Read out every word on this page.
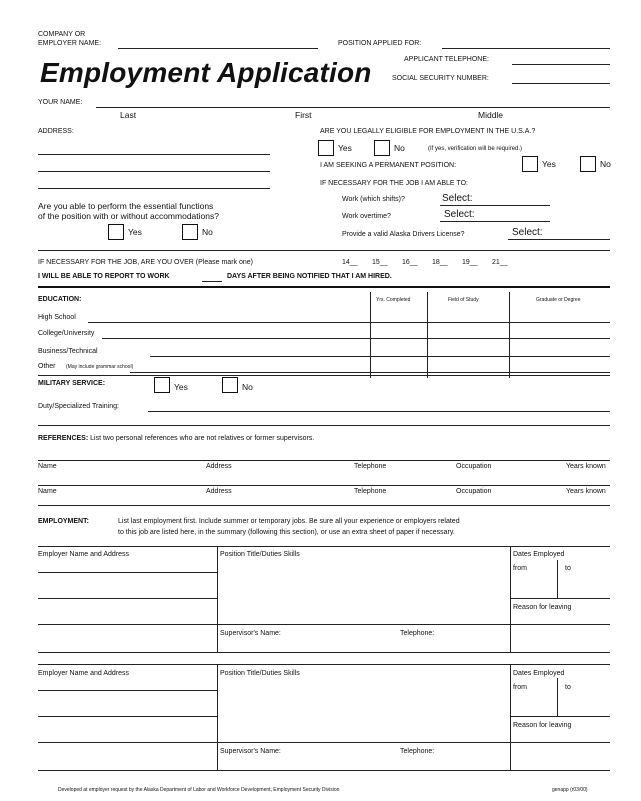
COMPANY OR
EMPLOYER NAME:	POSITION APPLIED FOR:
APPLICANT TELEPHONE:
Employment Application	SOCIAL SECURITY NUMBER:
YOUR NAME:
Last	First	Middle
ADDRESS:	ARE YOU LEGALLY ELIGIBLE FOR EMPLOYMENT IN THE U.S.A.?
Yes	No	(If yes, verification will be required.)
I AM SEEKING A PERMANENT POSITION:	Yes	No
IF NECESSARY FOR THE JOB I AM ABLE TO:
Work (which shifts)?	Select:
Work overtime?	Select:
Provide a valid Alaska Drivers License?	Select:
Are you able to perform the essential functions
of the position with or without accommodations?
Yes	No
IF NECESSARY FOR THE JOB, ARE YOU OVER (Please mark one)	14__ 15__ 16__ 18__ 19__ 21__
I WILL BE ABLE TO REPORT TO WORK	DAYS AFTER BEING NOTIFIED THAT I AM HIRED.
EDUCATION:	Yrs. Completed	Field of Study	Graduate or Degree
High School
College/University
Business/Technical
Other (May include grammar school)
MILITARY SERVICE:	Yes	No
Duty/Specialized Training:
REFERENCES: List two personal references who are not relatives or former supervisors.
Name	Address	Telephone	Occupation	Years known
Name	Address	Telephone	Occupation	Years known
EMPLOYMENT:	List last employment first. Include summer or temporary jobs. Be sure all your experience or employers related
to this job are listed here, in the summary (following this section), or use an extra sheet of paper if necessary.
Employer Name and Address	Position Title/Duties Skills	Dates Employed
from	to
Reason for leaving
Supervisor's Name:	Telephone:
Employer Name and Address	Position Title/Duties Skills	Dates Employed
from	to
Reason for leaving
Supervisor's Name:	Telephone:
Developed at employer request by the Alaska Department of Labor and Workforce Development, Employment Security Division	genapp (r03/00)
